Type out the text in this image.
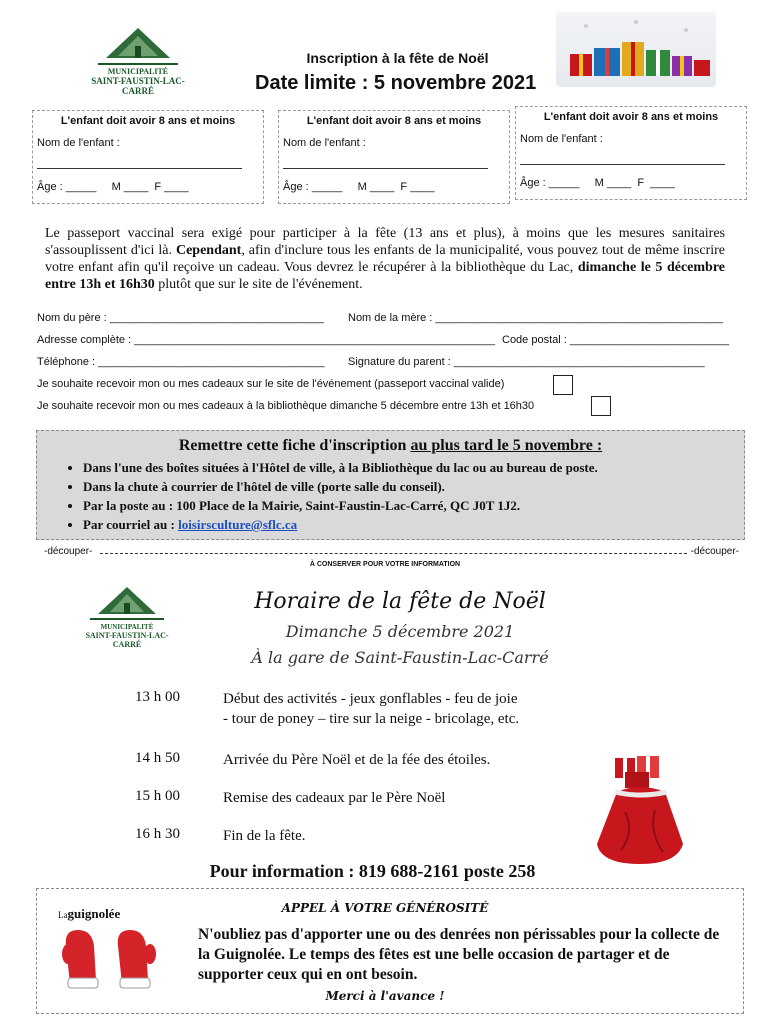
MUNICIPALITÉ
SAINT-FAUSTIN-LAC-CARRÉ
Inscription à la fête de Noël
Date limite : 5 novembre 2021
L'enfant doit avoir 8 ans et moins
Nom de l'enfant :
Âge : _____     M ____  F ____
L'enfant doit avoir 8 ans et moins
Nom de l'enfant :
Âge : _____     M ____  F ____
L'enfant doit avoir 8 ans et moins
Nom de l'enfant :
Âge : _____     M ____  F  ____
Le passeport vaccinal sera exigé pour participer à la fête (13 ans et plus), à moins que les mesures sanitaires s'assouplissent d'ici là. Cependant, afin d'inclure tous les enfants de la municipalité, vous pouvez tout de même inscrire votre enfant afin qu'il reçoive un cadeau. Vous devrez le récupérer à la bibliothèque du Lac, dimanche le 5 décembre entre 13h et 16h30 plutôt que sur le site de l'événement.
Nom du père : ___________________________________ Nom de la mère : _______________________________________________
Adresse complète : ___________________________________________________________ Code postal : __________________________
Téléphone : _____________________________________ Signature du parent : _________________________________________
Je souhaite recevoir mon ou mes cadeaux sur le site de l'événement (passeport vaccinal valide)
Je souhaite recevoir mon ou mes cadeaux à la bibliothèque dimanche 5 décembre entre 13h et 16h30
Remettre cette fiche d'inscription au plus tard le 5 novembre :
• Dans l'une des boîtes situées à l'Hôtel de ville, à la Bibliothèque du lac ou au bureau de poste.
• Dans la chute à courrier de l'hôtel de ville (porte salle du conseil).
• Par la poste au : 100 Place de la Mairie, Saint-Faustin-Lac-Carré, QC J0T 1J2.
• Par courriel au : loisirsculture@sflc.ca
-découper-	-découper-
À CONSERVER POUR VOTRE INFORMATION
MUNICIPALITÉ
SAINT-FAUSTIN-LAC-CARRÉ
Horaire de la fête de Noël
Dimanche 5 décembre 2021
À la gare de Saint-Faustin-Lac-Carré
13 h 00	Début des activités - jeux gonflables - feu de joie
- tour de poney – tire sur la neige - bricolage, etc.
14 h 50	Arrivée du Père Noël et de la fée des étoiles.
15 h 00	Remise des cadeaux par le Père Noël
16 h 30	Fin de la fête.
Pour information : 819 688-2161 poste 258
Laguignolée	APPEL À VOTRE GÉNÉROSITÉ
N'oubliez pas d'apporter une ou des denrées non périssables pour la collecte de la Guignolée. Le temps des fêtes est une belle occasion de partager et de supporter ceux qui en ont besoin.
Merci à l'avance !
